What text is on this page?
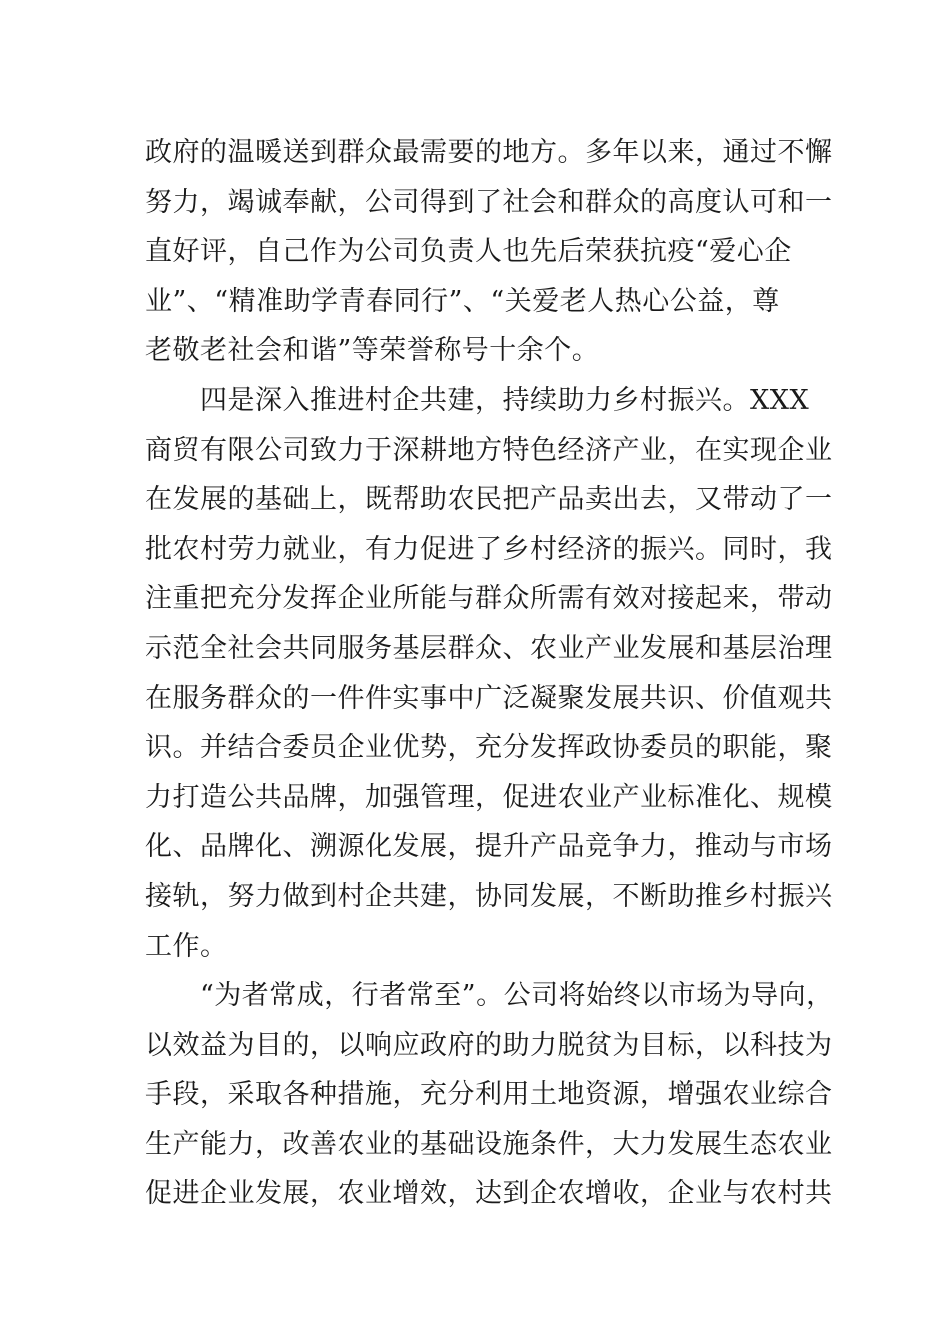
政府的温暖送到群众最需要的地方。多年以来，通过不懈
努力，竭诚奉献，公司得到了社会和群众的高度认可和一
直好评，自己作为公司负责人也先后荣获抗疫“爱心企
业”、“精准助学青春同行”、“关爱老人热心公益，尊
老敬老社会和谐”等荣誉称号十余个。
　　四是深入推进村企共建，持续助力乡村振兴。XXX
商贸有限公司致力于深耕地方特色经济产业，在实现企业
在发展的基础上，既帮助农民把产品卖出去，又带动了一
批农村劳力就业，有力促进了乡村经济的振兴。同时，我
注重把充分发挥企业所能与群众所需有效对接起来，带动
示范全社会共同服务基层群众、农业产业发展和基层治理
在服务群众的一件件实事中广泛凝聚发展共识、价值观共
识。并结合委员企业优势，充分发挥政协委员的职能，聚
力打造公共品牌，加强管理，促进农业产业标准化、规模
化、品牌化、溯源化发展，提升产品竞争力，推动与市场
接轨，努力做到村企共建，协同发展，不断助推乡村振兴
工作。
　　“为者常成，行者常至”。公司将始终以市场为导向，
以效益为目的，以响应政府的助力脱贫为目标，以科技为
手段，采取各种措施，充分利用土地资源，增强农业综合
生产能力，改善农业的基础设施条件，大力发展生态农业
促进企业发展，农业增效，达到企农增收，企业与农村共
